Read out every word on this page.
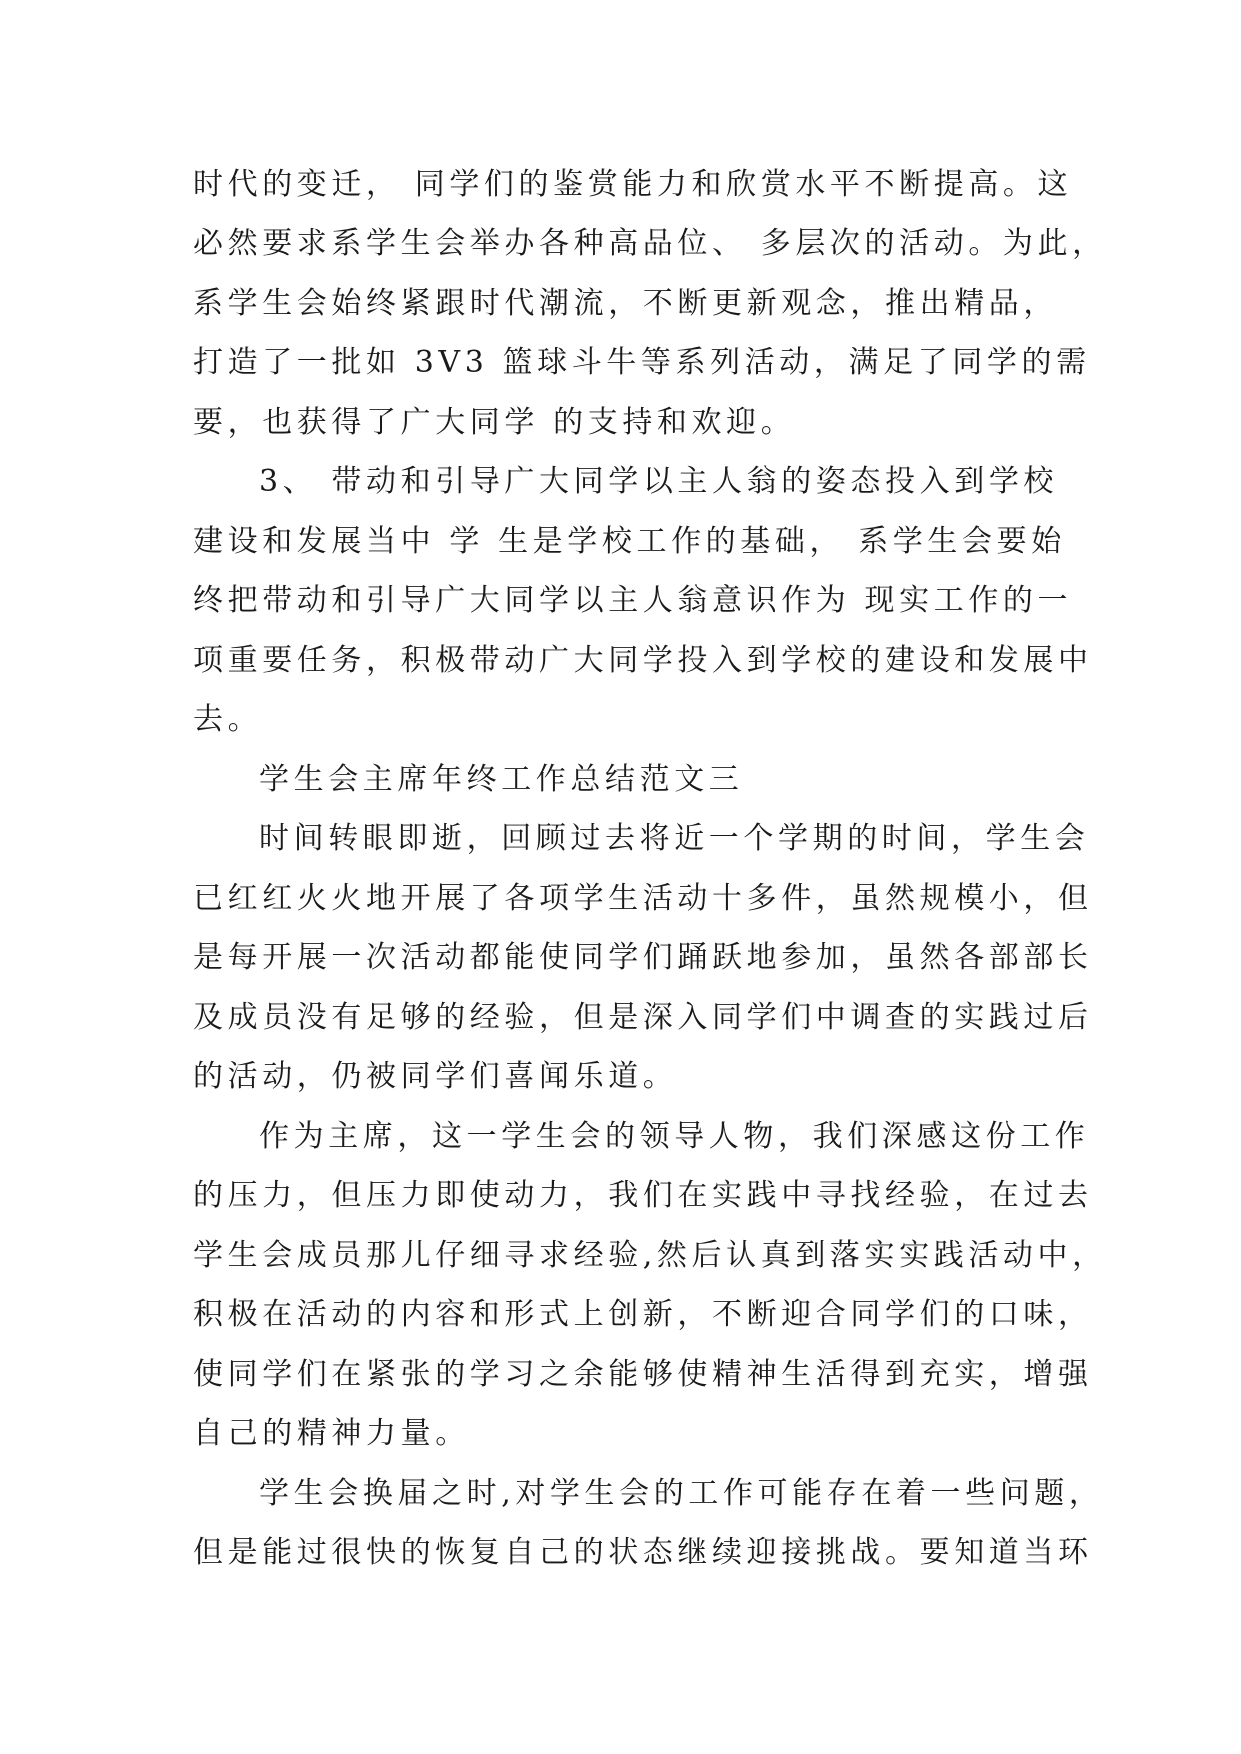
时代的变迁， 同学们的鉴赏能力和欣赏水平不断提高。这
必然要求系学生会举办各种高品位、 多层次的活动。为此，
系学生会始终紧跟时代潮流，不断更新观念，推出精品，
打造了一批如 3V3 篮球斗牛等系列活动，满足了同学的需
要，也获得了广大同学 的支持和欢迎。
3、 带动和引导广大同学以主人翁的姿态投入到学校
建设和发展当中 学 生是学校工作的基础， 系学生会要始
终把带动和引导广大同学以主人翁意识作为 现实工作的一
项重要任务，积极带动广大同学投入到学校的建设和发展中
去。
学生会主席年终工作总结范文三
时间转眼即逝，回顾过去将近一个学期的时间，学生会
已红红火火地开展了各项学生活动十多件，虽然规模小，但
是每开展一次活动都能使同学们踊跃地参加，虽然各部部长
及成员没有足够的经验，但是深入同学们中调查的实践过后
的活动，仍被同学们喜闻乐道。
作为主席，这一学生会的领导人物，我们深感这份工作
的压力，但压力即使动力，我们在实践中寻找经验，在过去
学生会成员那儿仔细寻求经验,然后认真到落实实践活动中，
积极在活动的内容和形式上创新，不断迎合同学们的口味，
使同学们在紧张的学习之余能够使精神生活得到充实，增强
自己的精神力量。
学生会换届之时,对学生会的工作可能存在着一些问题，
但是能过很快的恢复自己的状态继续迎接挑战。要知道当环
